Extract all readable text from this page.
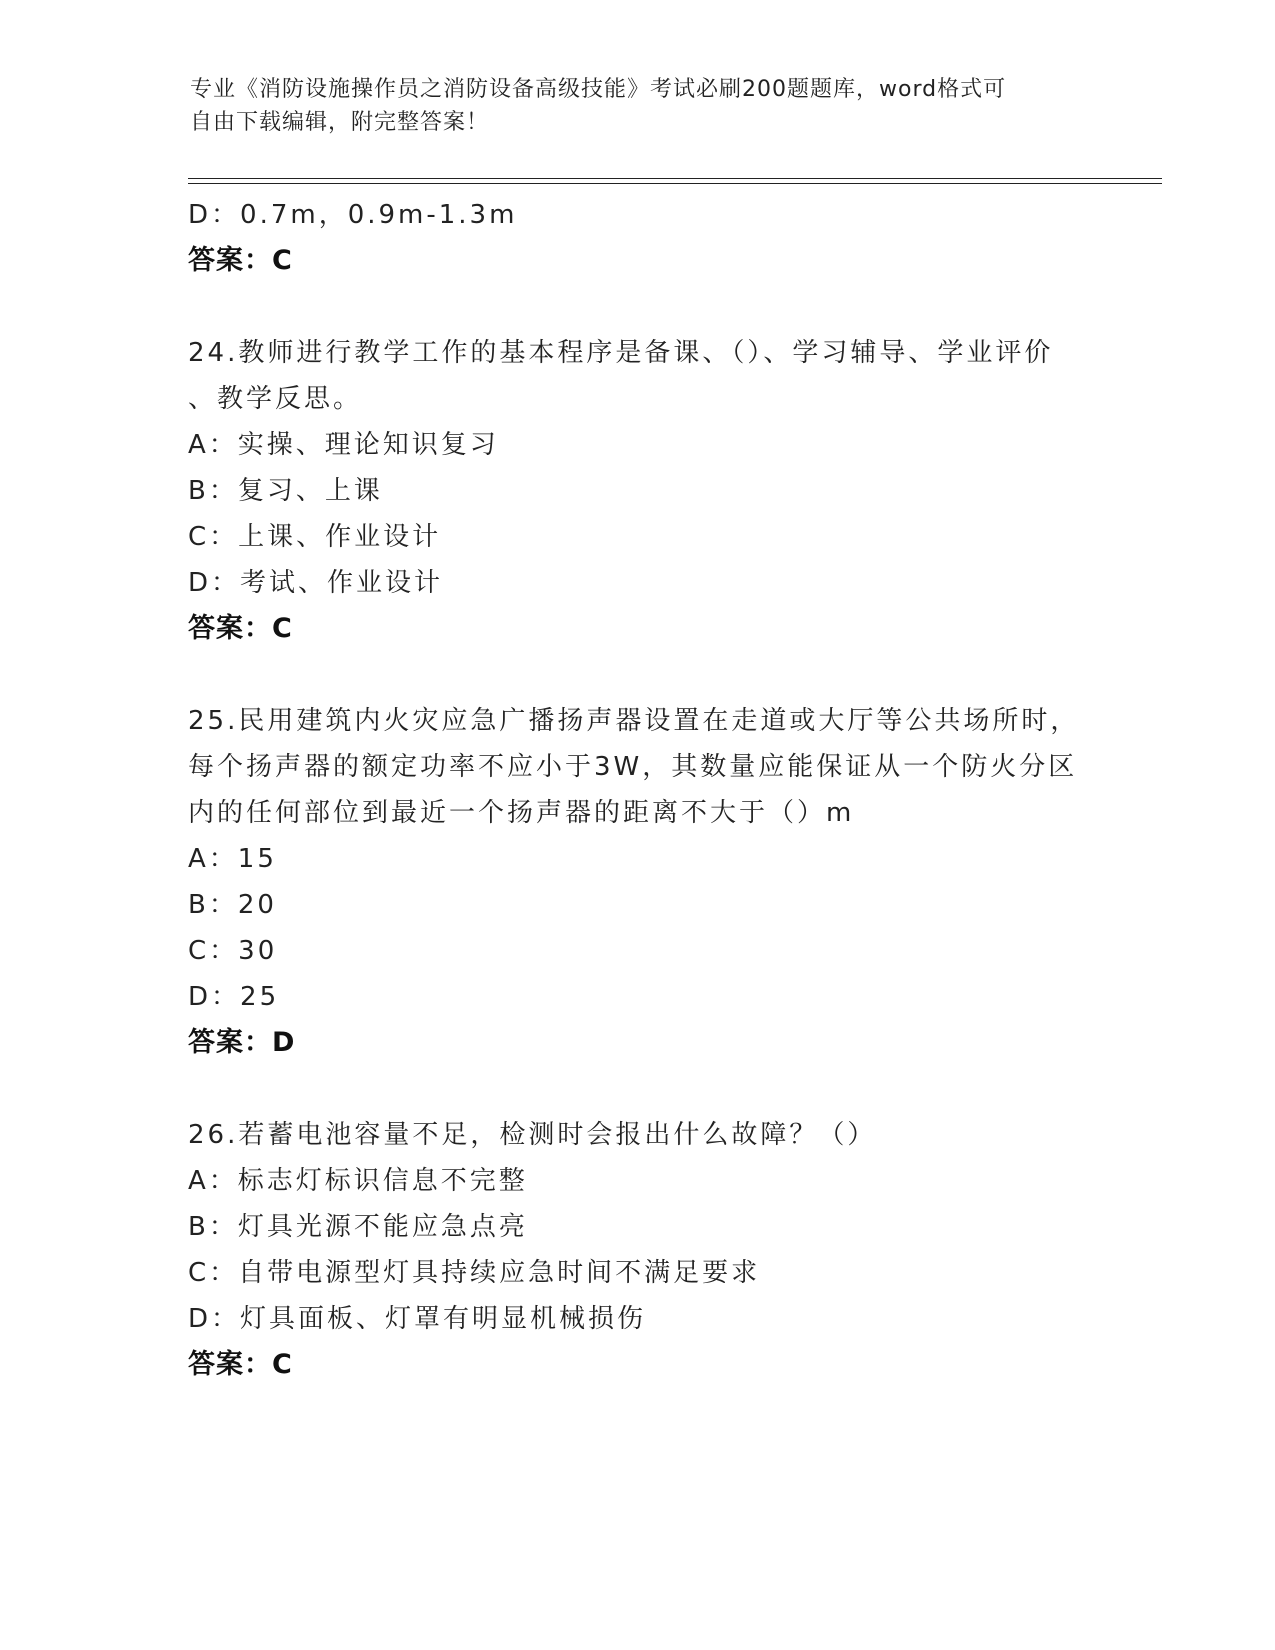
专业《消防设施操作员之消防设备高级技能》考试必刷200题题库，word格式可
自由下载编辑，附完整答案！
D：0.7m，0.9m-1.3m
答案：C
24.教师进行教学工作的基本程序是备课、（）、学习辅导、学业评价
、教学反思。
A：实操、理论知识复习
B：复习、上课
C：上课、作业设计
D：考试、作业设计
答案：C
25.民用建筑内火灾应急广播扬声器设置在走道或大厅等公共场所时，
每个扬声器的额定功率不应小于3W，其数量应能保证从一个防火分区
内的任何部位到最近一个扬声器的距离不大于（）m
A：15
B：20
C：30
D：25
答案：D
26.若蓄电池容量不足，检测时会报出什么故障？（）
A：标志灯标识信息不完整
B：灯具光源不能应急点亮
C：自带电源型灯具持续应急时间不满足要求
D：灯具面板、灯罩有明显机械损伤
答案：C
